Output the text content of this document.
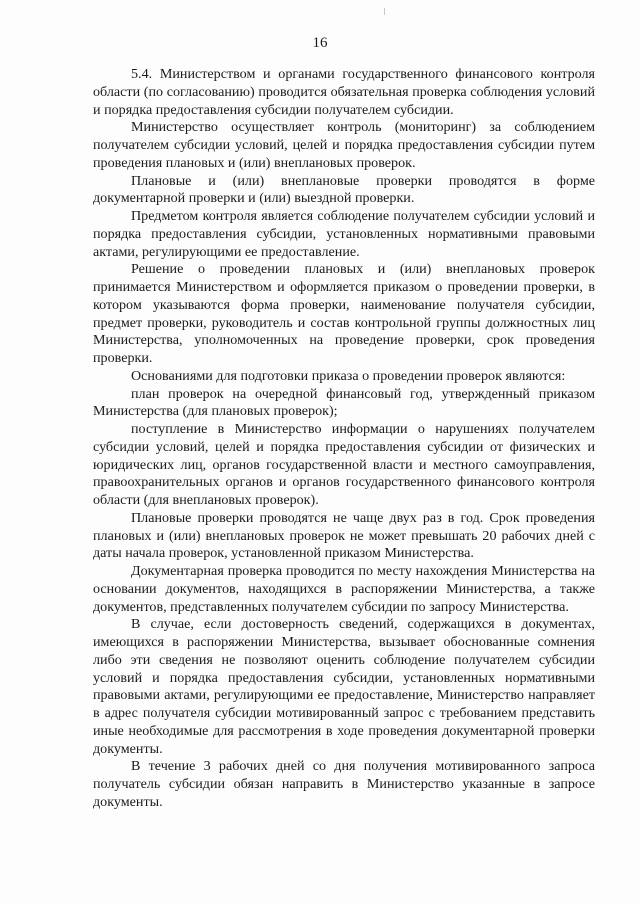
16

5.4. Министерством и органами государственного финансового контроля области (по согласованию) проводится обязательная проверка соблюдения условий и порядка предоставления субсидии получателем субсидии.

Министерство осуществляет контроль (мониторинг) за соблюдением получателем субсидии условий, целей и порядка предоставления субсидии путем проведения плановых и (или) внеплановых проверок.

Плановые и (или) внеплановые проверки проводятся в форме документарной проверки и (или) выездной проверки.

Предметом контроля является соблюдение получателем субсидии условий и порядка предоставления субсидии, установленных нормативными правовыми актами, регулирующими ее предоставление.

Решение о проведении плановых и (или) внеплановых проверок принимается Министерством и оформляется приказом о проведении проверки, в котором указываются форма проверки, наименование получателя субсидии, предмет проверки, руководитель и состав контрольной группы должностных лиц Министерства, уполномоченных на проведение проверки, срок проведения проверки.

Основаниями для подготовки приказа о проведении проверок являются:

план проверок на очередной финансовый год, утвержденный приказом Министерства (для плановых проверок);

поступление в Министерство информации о нарушениях получателем субсидии условий, целей и порядка предоставления субсидии от физических и юридических лиц, органов государственной власти и местного самоуправления, правоохранительных органов и органов государственного финансового контроля области (для внеплановых проверок).

Плановые проверки проводятся не чаще двух раз в год. Срок проведения плановых и (или) внеплановых проверок не может превышать 20 рабочих дней с даты начала проверок, установленной приказом Министерства.

Документарная проверка проводится по месту нахождения Министерства на основании документов, находящихся в распоряжении Министерства, а также документов, представленных получателем субсидии по запросу Министерства.

В случае, если достоверность сведений, содержащихся в документах, имеющихся в распоряжении Министерства, вызывает обоснованные сомнения либо эти сведения не позволяют оценить соблюдение получателем субсидии условий и порядка предоставления субсидии, установленных нормативными правовыми актами, регулирующими ее предоставление, Министерство направляет в адрес получателя субсидии мотивированный запрос с требованием представить иные необходимые для рассмотрения в ходе проведения документарной проверки документы.

В течение 3 рабочих дней со дня получения мотивированного запроса получатель субсидии обязан направить в Министерство указанные в запросе документы.
